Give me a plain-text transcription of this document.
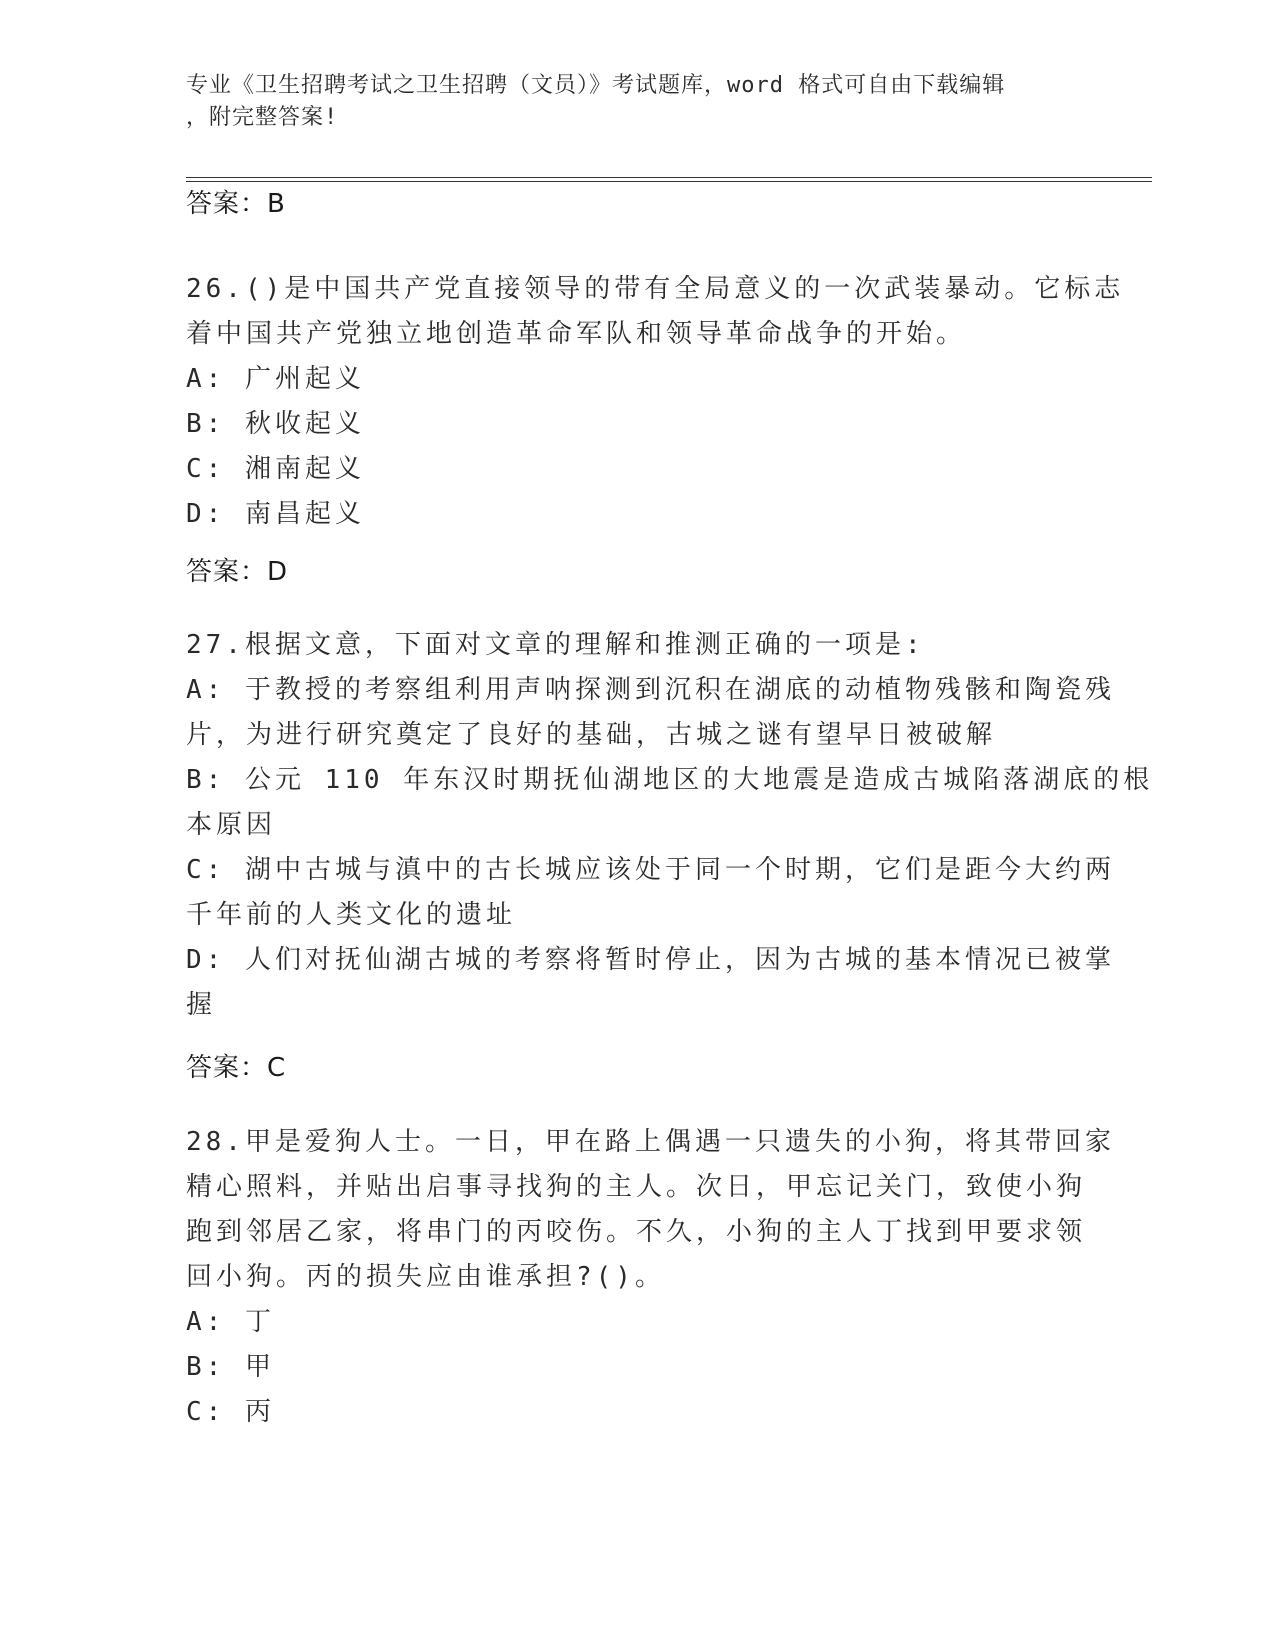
专业《卫生招聘考试之卫生招聘（文员）》考试题库，word 格式可自由下载编辑
，附完整答案!
答案：B
26.()是中国共产党直接领导的带有全局意义的一次武装暴动。它标志
着中国共产党独立地创造革命军队和领导革命战争的开始。
A: 广州起义
B: 秋收起义
C: 湘南起义
D: 南昌起义
答案：D
27.根据文意，下面对文章的理解和推测正确的一项是:
A: 于教授的考察组利用声呐探测到沉积在湖底的动植物残骸和陶瓷残
片，为进行研究奠定了良好的基础，古城之谜有望早日被破解
B: 公元 110 年东汉时期抚仙湖地区的大地震是造成古城陷落湖底的根
本原因
C: 湖中古城与滇中的古长城应该处于同一个时期，它们是距今大约两
千年前的人类文化的遗址
D: 人们对抚仙湖古城的考察将暂时停止，因为古城的基本情况已被掌
握
答案：C
28.甲是爱狗人士。一日，甲在路上偶遇一只遗失的小狗，将其带回家
精心照料，并贴出启事寻找狗的主人。次日，甲忘记关门，致使小狗
跑到邻居乙家，将串门的丙咬伤。不久，小狗的主人丁找到甲要求领
回小狗。丙的损失应由谁承担?()。
A: 丁
B: 甲
C: 丙
